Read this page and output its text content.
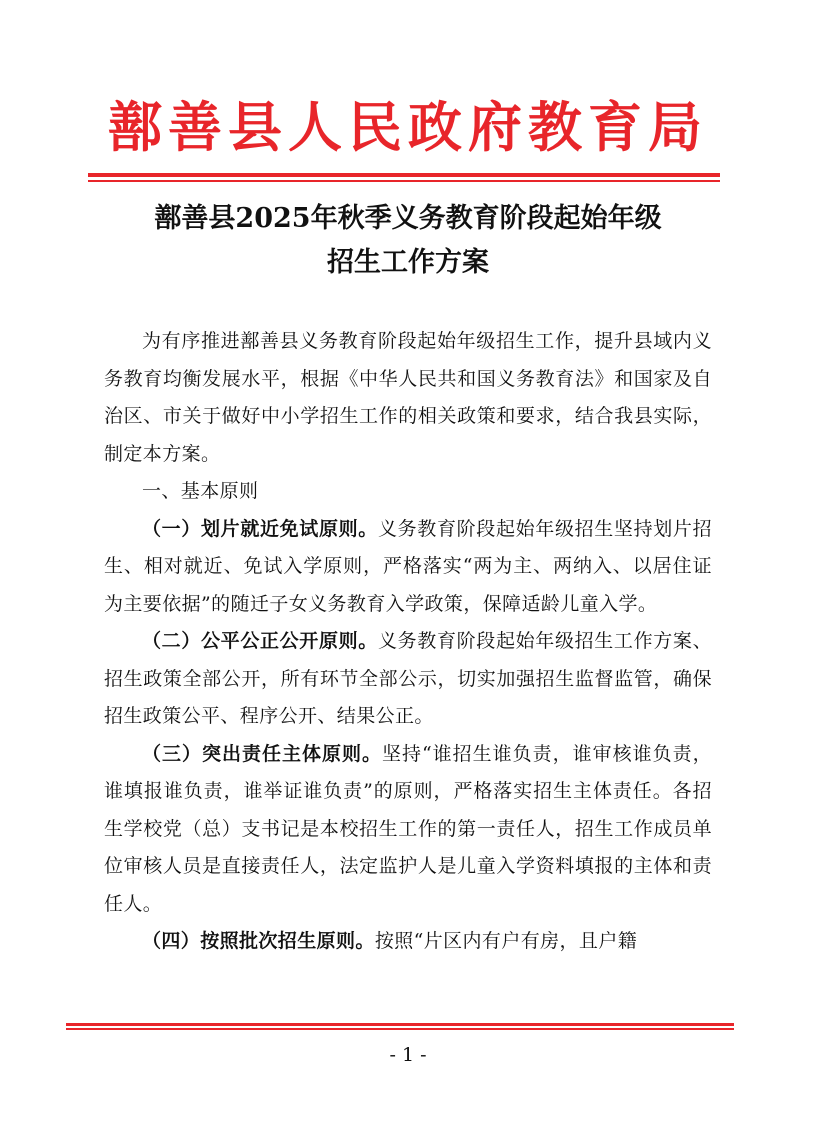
鄯善县人民政府教育局
鄯善县2025年秋季义务教育阶段起始年级
招生工作方案

为有序推进鄯善县义务教育阶段起始年级招生工作，提升县域内义务教育均衡发展水平，根据《中华人民共和国义务教育法》和国家及自治区、市关于做好中小学招生工作的相关政策和要求，结合我县实际，制定本方案。

一、基本原则

（一）划片就近免试原则。义务教育阶段起始年级招生坚持划片招生、相对就近、免试入学原则，严格落实“两为主、两纳入、以居住证为主要依据”的随迁子女义务教育入学政策，保障适龄儿童入学。

（二）公平公正公开原则。义务教育阶段起始年级招生工作方案、招生政策全部公开，所有环节全部公示，切实加强招生监督监管，确保招生政策公平、程序公开、结果公正。

（三）突出责任主体原则。坚持“谁招生谁负责，谁审核谁负责，谁填报谁负责，谁举证谁负责”的原则，严格落实招生主体责任。各招生学校党（总）支书记是本校招生工作的第一责任人，招生工作成员单位审核人员是直接责任人，法定监护人是儿童入学资料填报的主体和责任人。

（四）按照批次招生原则。按照“片区内有户有房，且户籍

- 1 -
